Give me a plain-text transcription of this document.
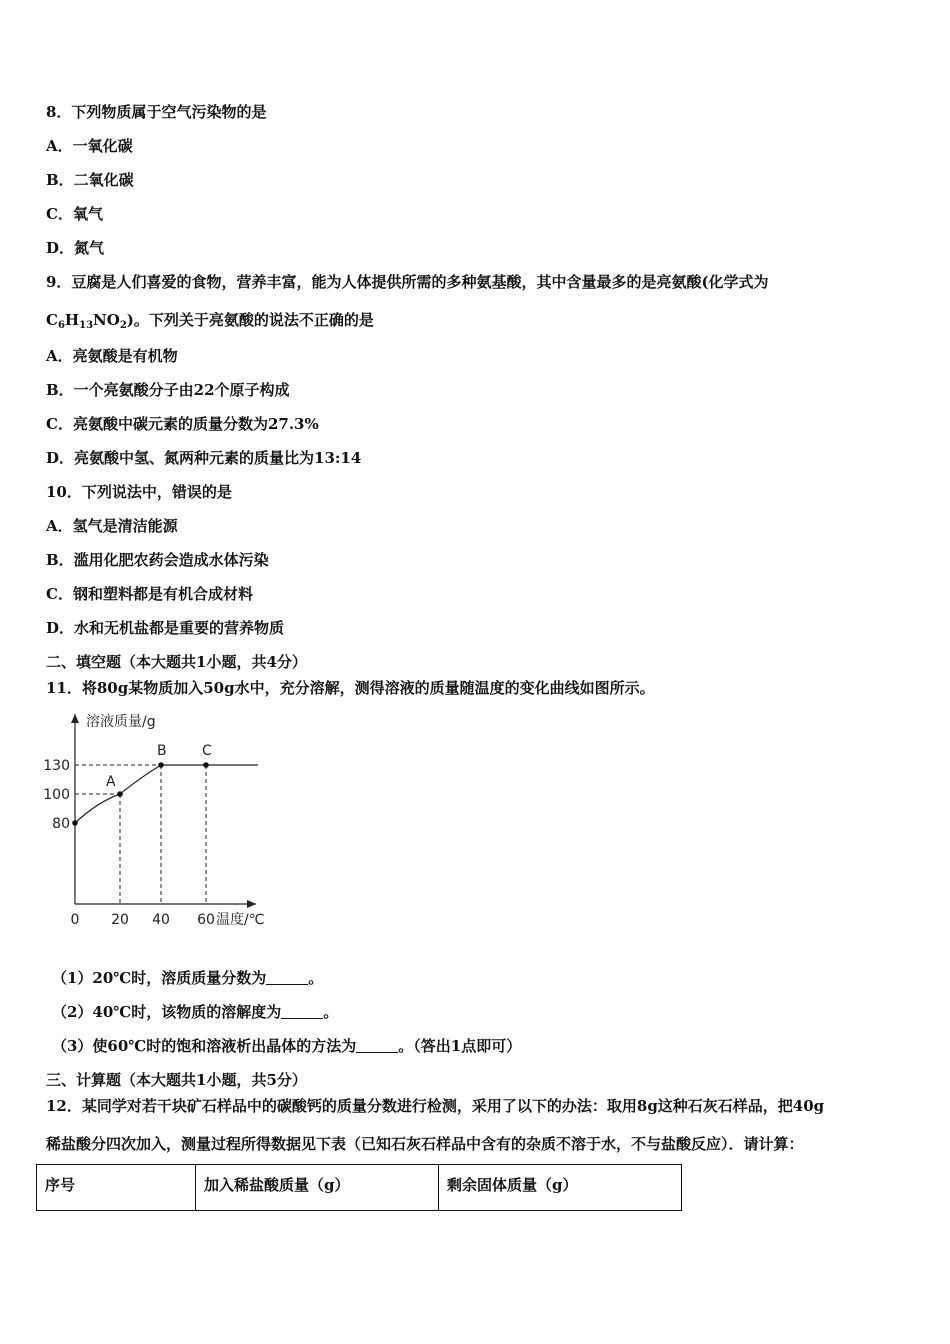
8．下列物质属于空气污染物的是
A．一氧化碳
B．二氧化碳
C．氧气
D．氮气
9．豆腐是人们喜爱的食物，营养丰富，能为人体提供所需的多种氨基酸，其中含量最多的是亮氨酸(化学式为
$C_6H_{13}NO_2$)。下列关于亮氨酸的说法不正确的是
A．亮氨酸是有机物
B．一个亮氨酸分子由22个原子构成
C．亮氨酸中碳元素的质量分数为27.3%
D．亮氨酸中氢、氮两种元素的质量比为13:14
10．下列说法中，错误的是
A．氢气是清洁能源
B．滥用化肥农药会造成水体污染
C．钢和塑料都是有机合成材料
D．水和无机盐都是重要的营养物质
二、填空题（本大题共1小题，共4分）
11．将80g某物质加入50g水中，充分溶解，测得溶液的质量随温度的变化曲线如图所示。
溶液质量/g
温度/℃
A
B	C
80
100
130
0 20 40 60
（1）20℃时，溶质质量分数为	。
（2）40℃时，该物质的溶解度为	。
（3）使60℃时的饱和溶液析出晶体的方法为	。（答出1点即可）
三、计算题（本大题共1小题，共5分）
12．某同学对若干块矿石样品中的碳酸钙的质量分数进行检测，采用了以下的办法：取用8g这种石灰石样品，把40g
稀盐酸分四次加入，测量过程所得数据见下表（已知石灰石样品中含有的杂质不溶于水，不与盐酸反应）．请计算：
序号	加入稀盐酸质量（g）	剩余固体质量（g）
